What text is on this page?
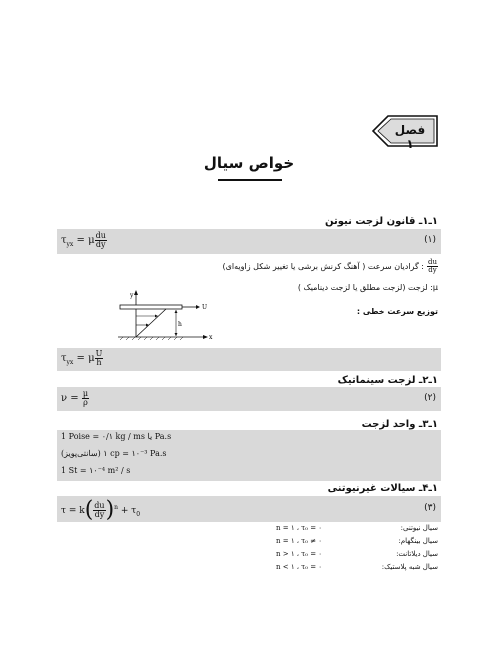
فصل ۱
خواص سیال
۱ـ۱ـ قانون لزجت نیوتن
$\tau_{yx} = \mu \frac{du}{dy}$	(۱)
$\frac{du}{dy}$
: گرادیان سرعت ( آهنگ کرنش برشی یا تغییر شکل زاویه‌ای)
μ: لزجت (لزجت مطلق یا لزجت دینامیک )
توزیع سرعت خطی :
y
U
h
x
$\tau_{yx} = \mu \frac{U}{h}$
۱ـ۲ـ لزجت سینماتیک
$\nu = \frac{\mu}{\rho}$	(۲)
۱ـ۳ـ واحد لزجت
1 Poise = ۰/۱ kg / ms یا Pa.s
(سانتی‌پویز) ۱ cp = ۱۰⁻³ Pa.s
1 St = ۱۰⁻⁴ m² / s
۱ـ۴ـ سیالات غیرنیوتنی
$\tau = k( \frac{du}{dy} )^n + \tau_0$
(۳)
n = ۱ ، τ₀ = ۰	سیال نیوتنی:
n = ۱ ، τ₀ ≠ ۰	سیال بینگهام:
n > ۱ ، τ₀ = ۰	سیال دیلاتانت:
n < ۱ ، τ₀ = ۰	سیال شبه پلاستیک:
